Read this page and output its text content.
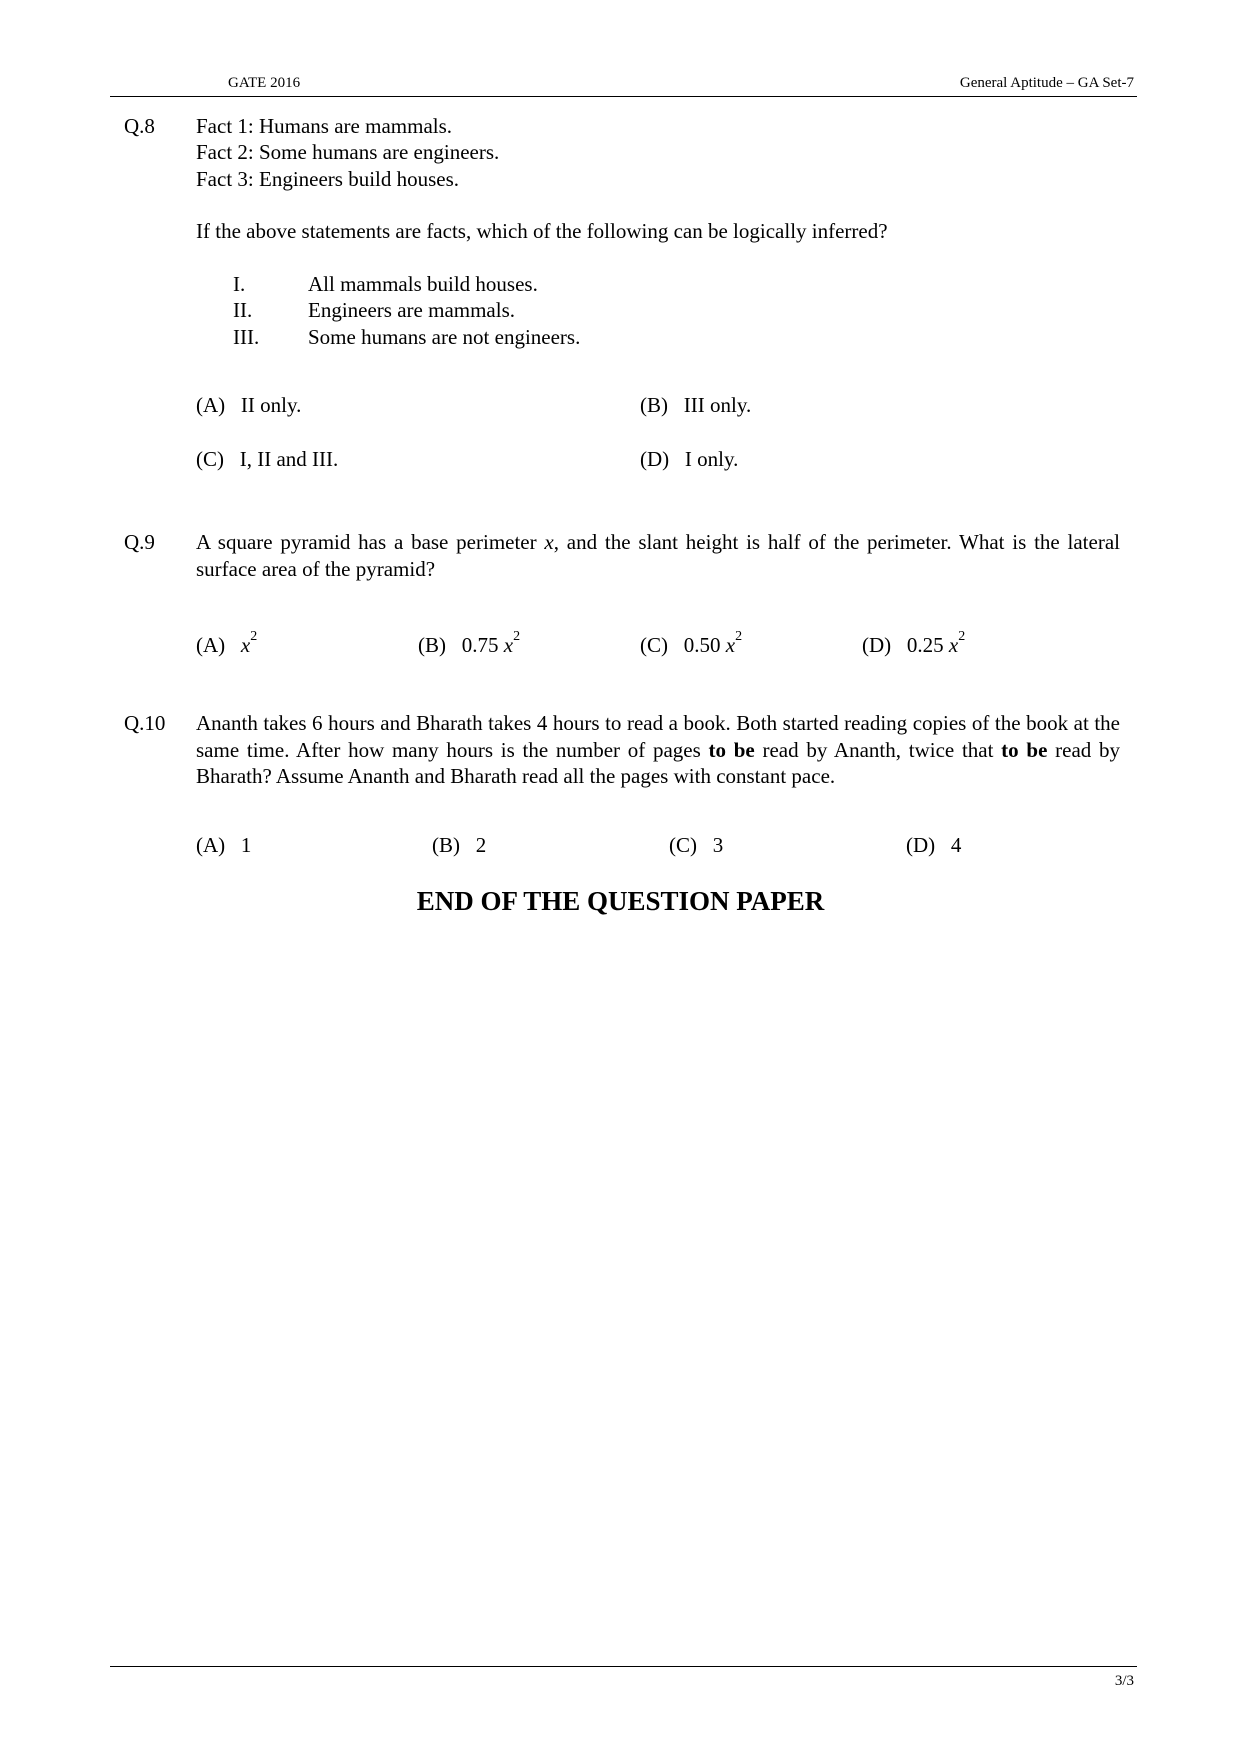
GATE 2016	General Aptitude – GA Set-7
Q.8 Fact 1: Humans are mammals.
Fact 2: Some humans are engineers.
Fact 3: Engineers build houses.
If the above statements are facts, which of the following can be logically inferred?
I.	All mammals build houses.
II.	Engineers are mammals.
III. Some humans are not engineers.
(A) II only.	(B) III only.
(C) I, II and III.	(D) I only.
Q.9 A square pyramid has a base perimeter x, and the slant height is half of the perimeter. What is the lateral surface area of the pyramid?
(A) $x^2$	(B) 0.75 $x^2$	(C) 0.50 $x^2$	(D) 0.25 $x^2$
Q.10 Ananth takes 6 hours and Bharath takes 4 hours to read a book. Both started reading copies of the book at the same time. After how many hours is the number of pages to be read by Ananth, twice that to be read by Bharath? Assume Ananth and Bharath read all the pages with constant pace.
(A) 1	(B) 2	(C) 3	(D) 4
END OF THE QUESTION PAPER
3/3
